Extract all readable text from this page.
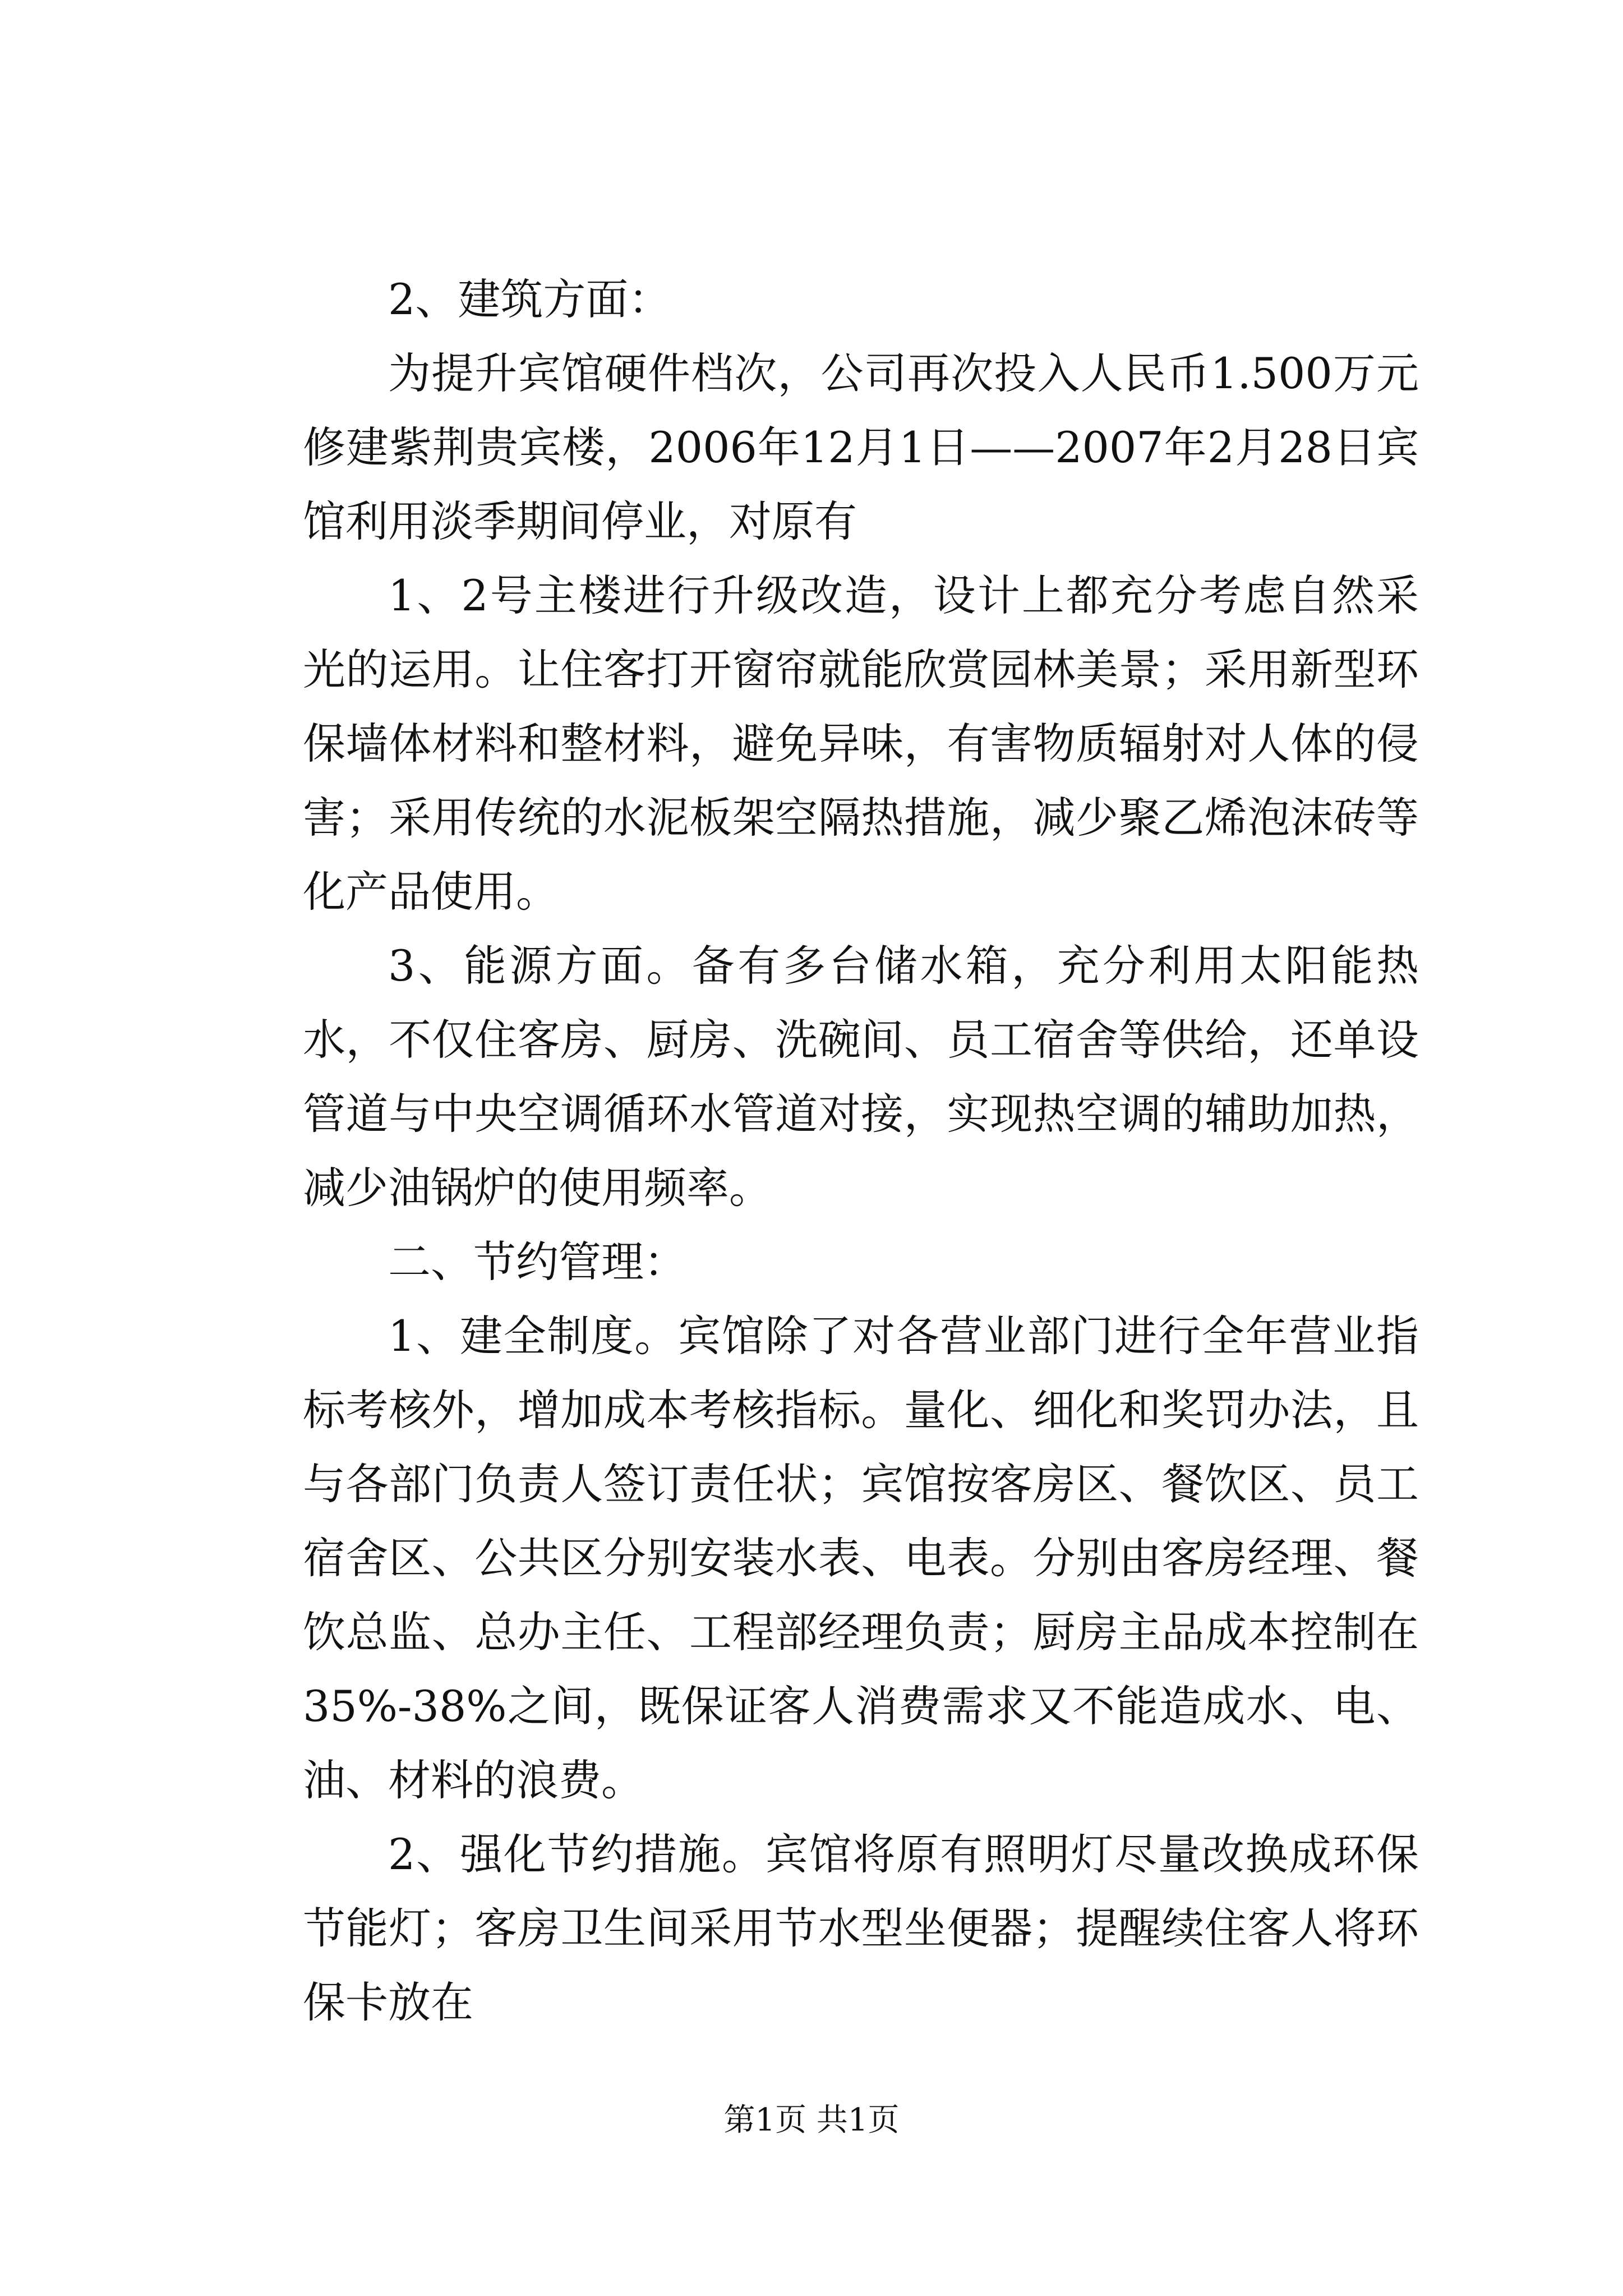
2、建筑方面：

为提升宾馆硬件档次，公司再次投入人民币1.500万元修建紫荆贵宾楼，2006年12月1日——2007年2月28日宾馆利用淡季期间停业，对原有

1、2号主楼进行升级改造，设计上都充分考虑自然采光的运用。让住客打开窗帘就能欣赏园林美景；采用新型环保墙体材料和整材料，避免异味，有害物质辐射对人体的侵害；采用传统的水泥板架空隔热措施，减少聚乙烯泡沫砖等化产品使用。

3、能源方面。备有多台储水箱，充分利用太阳能热水，不仅住客房、厨房、洗碗间、员工宿舍等供给，还单设管道与中央空调循环水管道对接，实现热空调的辅助加热，减少油锅炉的使用频率。

二、节约管理：

1、建全制度。宾馆除了对各营业部门进行全年营业指标考核外，增加成本考核指标。量化、细化和奖罚办法，且与各部门负责人签订责任状；宾馆按客房区、餐饮区、员工宿舍区、公共区分别安装水表、电表。分别由客房经理、餐饮总监、总办主任、工程部经理负责；厨房主品成本控制在35%-38%之间，既保证客人消费需求又不能造成水、电、油、材料的浪费。

2、强化节约措施。宾馆将原有照明灯尽量改换成环保节能灯；客房卫生间采用节水型坐便器；提醒续住客人将环保卡放在

第1页 共1页
